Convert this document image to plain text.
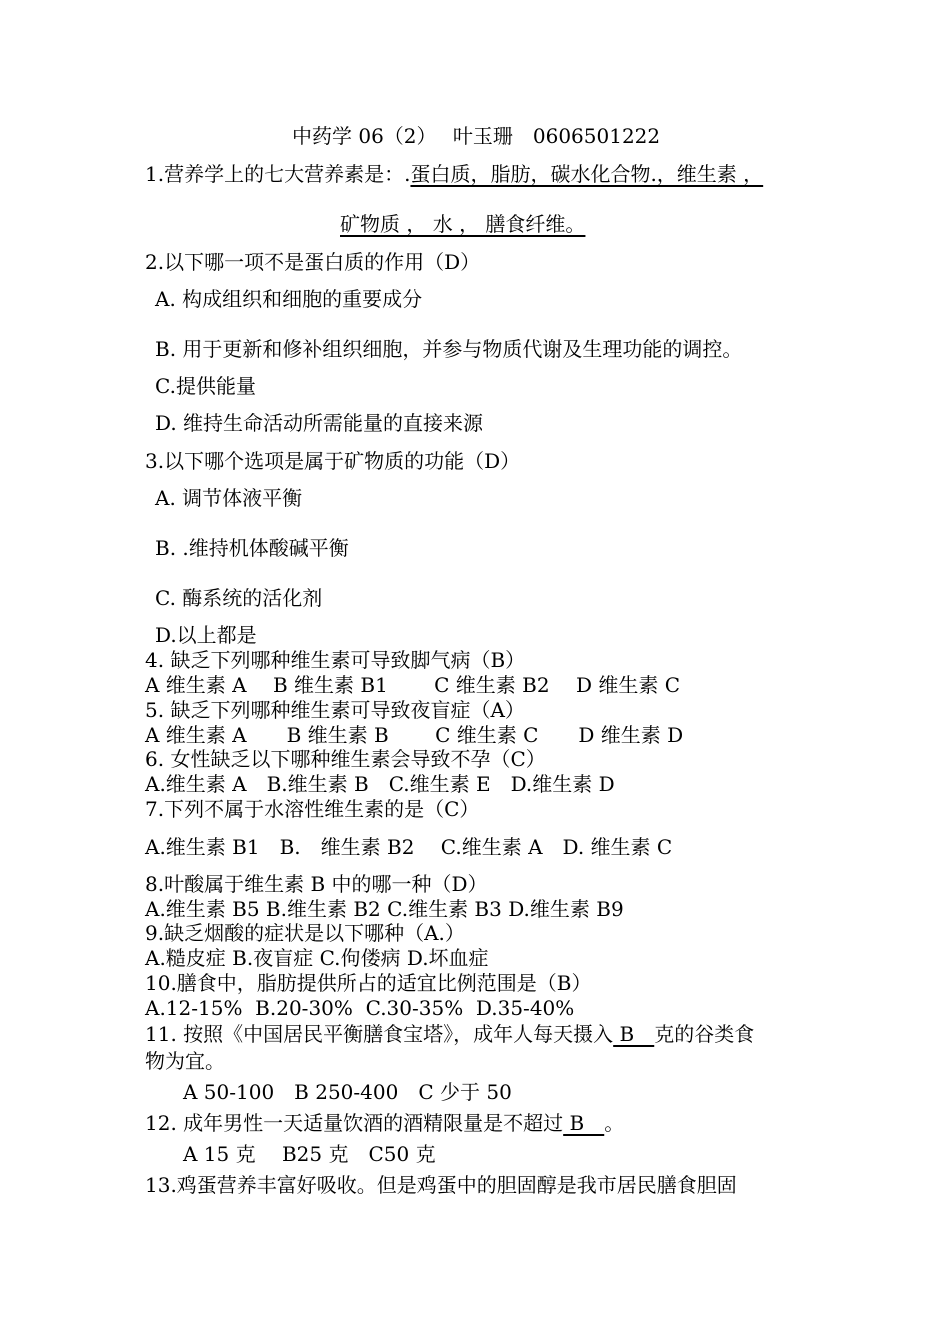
中药学 06（2）　 叶玉珊　0606501222
1.营养学上的七大营养素是：.蛋白质，脂肪，碳水化合物.，维生素 ，
矿物质 ， 水 ， 膳食纤维。
2.以下哪一项不是蛋白质的作用（D）
A. 构成组织和细胞的重要成分
B. 用于更新和修补组织细胞，并参与物质代谢及生理功能的调控。
C.提供能量
D. 维持生命活动所需能量的直接来源
3.以下哪个选项是属于矿物质的功能（D）
A. 调节体液平衡
B. .维持机体酸碱平衡
C. 酶系统的活化剂
D.以上都是
4. 缺乏下列哪种维生素可导致脚气病（B）
A 维生素 A　 B 维生素 B1　　 C 维生素 B2　 D 维生素 C
5. 缺乏下列哪种维生素可导致夜盲症（A）
A 维生素 A　　B 维生素 B　　 C 维生素 C　　D 维生素 D
6. 女性缺乏以下哪种维生素会导致不孕（C）
A.维生素 A　B.维生素 B　C.维生素 E　D.维生素 D
7.下列不属于水溶性维生素的是（C）
A.维生素 B1　B.　维生素 B2　 C.维生素 A　D. 维生素 C
8.叶酸属于维生素 B 中的哪一种（D）
A.维生素 B5 B.维生素 B2 C.维生素 B3 D.维生素 B9
9.缺乏烟酸的症状是以下哪种（A.）
A.糙皮症 B.夜盲症 C.佝偻病 D.坏血症
10.膳食中，脂肪提供所占的适宜比例范围是（B）
A.12-15%  B.20-30%  C.30-35%  D.35-40%
11. 按照《中国居民平衡膳食宝塔》，成年人每天摄入 B　克的谷类食
物为宜。
A 50-100　B 250-400　C 少于 50
12. 成年男性一天适量饮酒的酒精限量是不超过 B　。
A 15 克　 B25 克　C50 克
13.鸡蛋营养丰富好吸收。但是鸡蛋中的胆固醇是我市居民膳食胆固
